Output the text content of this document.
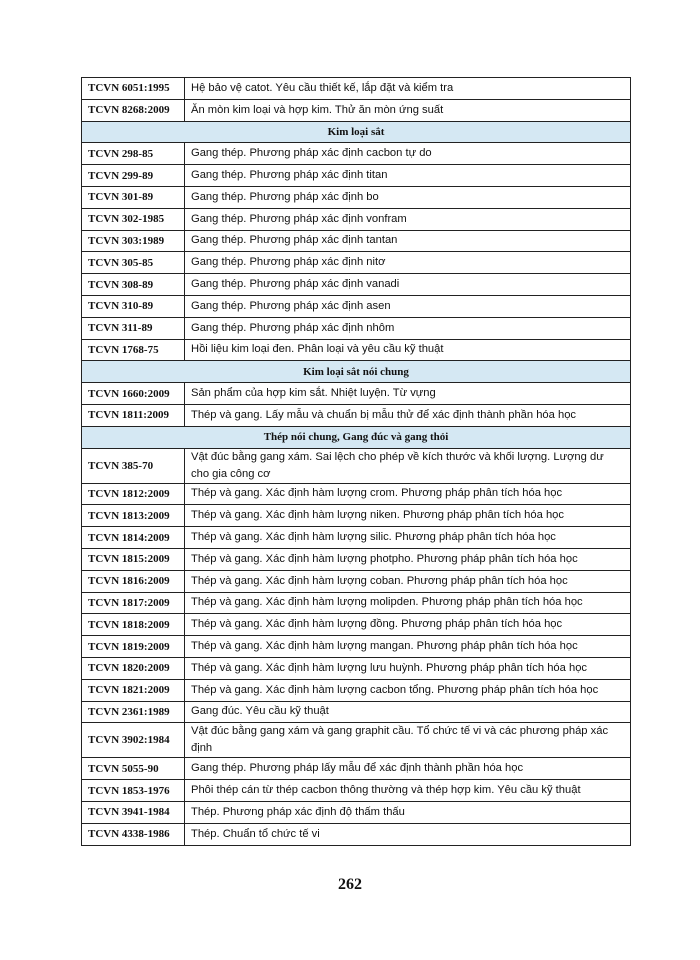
TCVN 6051:1995	Hệ bảo vệ catot. Yêu cầu thiết kế, lắp đặt và kiểm tra
TCVN 8268:2009	Ăn mòn kim loại và hợp kim. Thử ăn mòn ứng suất
Kim loại sắt	
TCVN 298-85	Gang thép. Phương pháp xác định cacbon tự do
TCVN 299-89	Gang thép. Phương pháp xác định titan
TCVN 301-89	Gang thép. Phương pháp xác định bo
TCVN 302-1985	Gang thép. Phương pháp xác định vonfram
TCVN 303:1989	Gang thép. Phương pháp xác định tantan
TCVN 305-85	Gang thép. Phương pháp xác định nitơ
TCVN 308-89	Gang thép. Phương pháp xác định vanadi
TCVN 310-89	Gang thép. Phương pháp xác định asen
TCVN 311-89	Gang thép. Phương pháp xác định nhôm
TCVN 1768-75	Hồi liệu kim loại đen. Phân loại và yêu cầu kỹ thuật
Kim loại sắt nói chung	
TCVN 1660:2009	Sản phẩm của hợp kim sắt. Nhiệt luyện. Từ vựng
TCVN 1811:2009	Thép và gang. Lấy mẫu và chuẩn bị mẫu thử để xác định thành phần hóa học
Thép nói chung, Gang đúc và gang thỏi	
TCVN 385-70	Vật đúc bằng gang xám. Sai lệch cho phép về kích thước và khối lượng. Lượng dư cho gia công cơ
TCVN 1812:2009	Thép và gang. Xác định hàm lượng crom. Phương pháp phân tích hóa học
TCVN 1813:2009	Thép và gang. Xác định hàm lượng niken. Phương pháp phân tích hóa học
TCVN 1814:2009	Thép và gang. Xác định hàm lượng silic. Phương pháp phân tích hóa học
TCVN 1815:2009	Thép và gang. Xác định hàm lượng photpho. Phương pháp phân tích hóa học
TCVN 1816:2009	Thép và gang. Xác định hàm lượng coban. Phương pháp phân tích hóa học
TCVN 1817:2009	Thép và gang. Xác định hàm lượng molipden. Phương pháp phân tích hóa học
TCVN 1818:2009	Thép và gang. Xác định hàm lượng đồng. Phương pháp phân tích hóa học
TCVN 1819:2009	Thép và gang. Xác định hàm lượng mangan. Phương pháp phân tích hóa học
TCVN 1820:2009	Thép và gang. Xác định hàm lượng lưu huỳnh. Phương pháp phân tích hóa học
TCVN 1821:2009	Thép và gang. Xác định hàm lượng cacbon tổng. Phương pháp phân tích hóa học
TCVN 2361:1989	Gang đúc. Yêu cầu kỹ thuật
TCVN 3902:1984	Vật đúc bằng gang xám và gang graphit cầu. Tổ chức tế vi và các phương pháp xác định
TCVN 5055-90	Gang thép. Phương pháp lấy mẫu để xác định thành phần hóa học
TCVN 1853-1976	Phôi thép cán từ thép cacbon thông thường và thép hợp kim. Yêu cầu kỹ thuật
TCVN 3941-1984	Thép. Phương pháp xác định độ thấm thấu
TCVN 4338-1986	Thép. Chuẩn tổ chức tế vi
262
